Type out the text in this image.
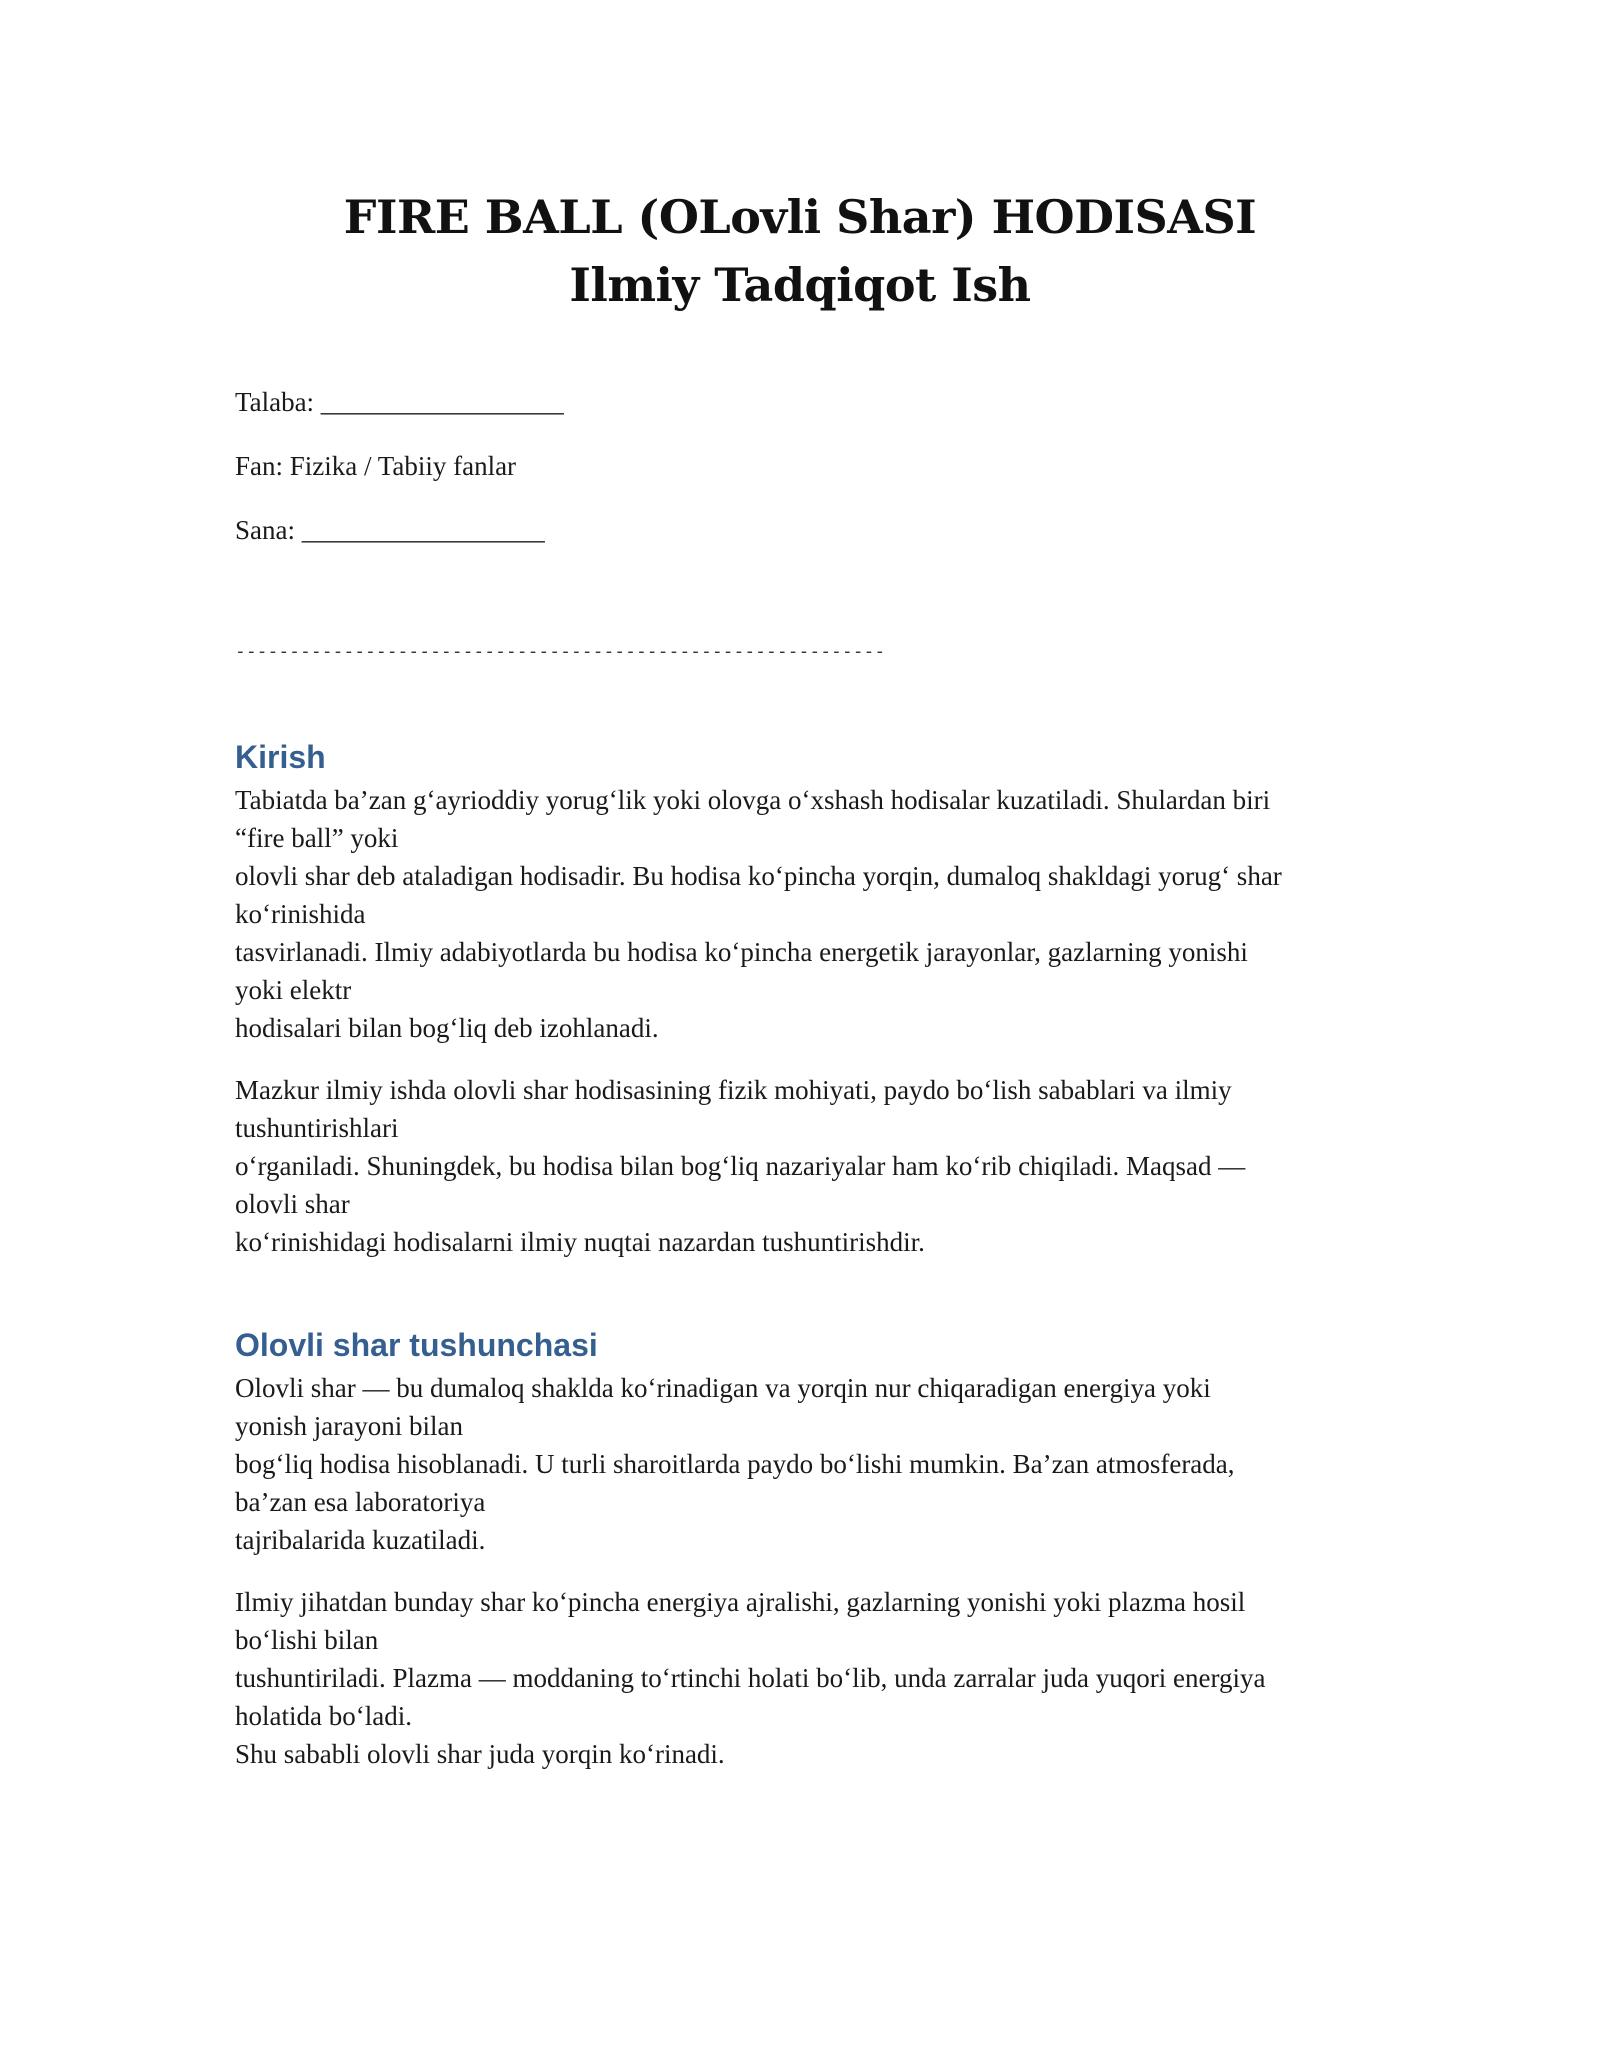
FIRE BALL (OLovli Shar) HODISASI
Ilmiy Tadqiqot Ish

Talaba: __________________

Fan: Fizika / Tabiiy fanlar

Sana: __________________

------------------------------------------------------------
Kirish

Tabiatda ba’zan g‘ayrioddiy yorug‘lik yoki olovga o‘xshash hodisalar kuzatiladi. Shulardan biri
“fire ball” yoki
olovli shar deb ataladigan hodisadir. Bu hodisa ko‘pincha yorqin, dumaloq shakldagi yorug‘ shar
ko‘rinishida
tasvirlanadi. Ilmiy adabiyotlarda bu hodisa ko‘pincha energetik jarayonlar, gazlarning yonishi
yoki elektr
hodisalari bilan bog‘liq deb izohlanadi.

Mazkur ilmiy ishda olovli shar hodisasining fizik mohiyati, paydo bo‘lish sabablari va ilmiy
tushuntirishlari
o‘rganiladi. Shuningdek, bu hodisa bilan bog‘liq nazariyalar ham ko‘rib chiqiladi. Maqsad —
olovli shar
ko‘rinishidagi hodisalarni ilmiy nuqtai nazardan tushuntirishdir.

Olovli shar tushunchasi

Olovli shar — bu dumaloq shaklda ko‘rinadigan va yorqin nur chiqaradigan energiya yoki
yonish jarayoni bilan
bog‘liq hodisa hisoblanadi. U turli sharoitlarda paydo bo‘lishi mumkin. Ba’zan atmosferada,
ba’zan esa laboratoriya
tajribalarida kuzatiladi.

Ilmiy jihatdan bunday shar ko‘pincha energiya ajralishi, gazlarning yonishi yoki plazma hosil
bo‘lishi bilan
tushuntiriladi. Plazma — moddaning to‘rtinchi holati bo‘lib, unda zarralar juda yuqori energiya
holatida bo‘ladi.
Shu sababli olovli shar juda yorqin ko‘rinadi.
